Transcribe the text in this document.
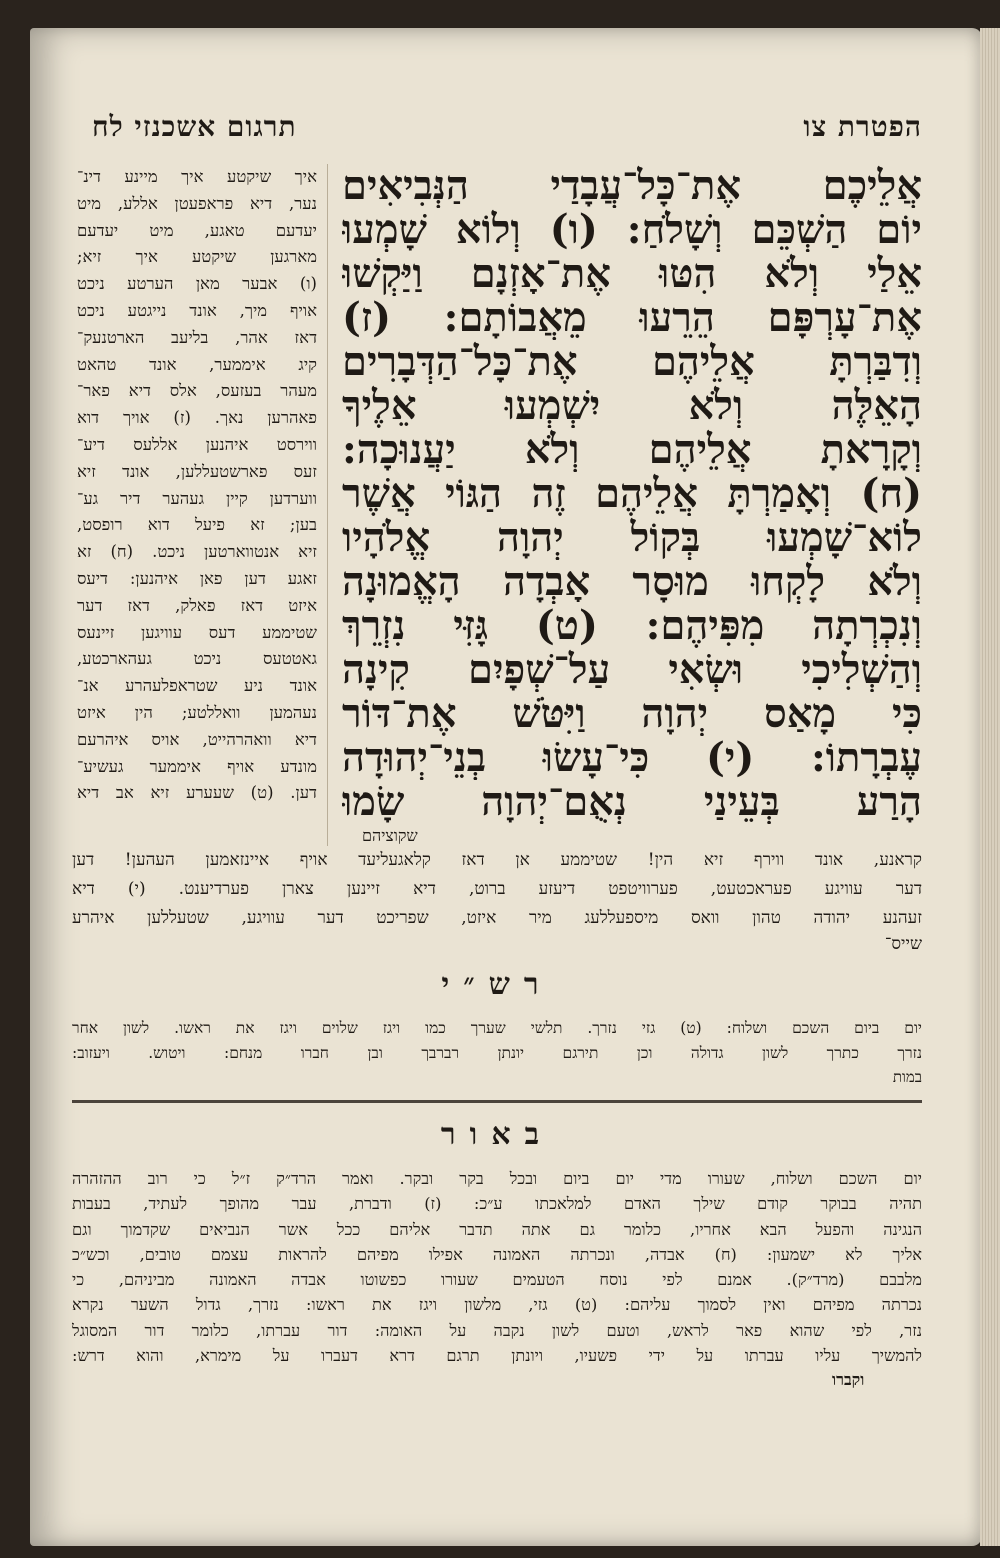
הפטרת צו
תרגום אשכנזי לח
אֲלֵיכֶם אֶת־כָּל־עֲבָדַי הַנְּבִיאִים
יוֹם הַשְׁכֵּם וְשָׁלֹחַ: (ו) וְלוֹא שָׁמְעוּ
אֵלַי וְלֹא הִטּוּ אֶת־אָזְנָם וַיַּקְשׁוּ
אֶת־עָרְפָּם הֵרֵעוּ מֵאֲבוֹתָם: (ז)
וְדִבַּרְתָּ אֲלֵיהֶם אֶת־כָּל־הַדְּבָרִים
הָאֵלֶּה וְלֹא יִשְׁמְעוּ אֵלֶיךָ
וְקָרָאתָ אֲלֵיהֶם וְלֹא יַעֲנוּכָה:
(ח) וְאָמַרְתָּ אֲלֵיהֶם זֶה הַגּוֹי אֲשֶׁר
לוֹא־שָׁמְעוּ בְּקוֹל יְהוָה אֱלֹהָיו
וְלֹא לָקְחוּ מוּסָר אָבְדָה הָאֱמוּנָה
וְנִכְרְתָה מִפִּיהֶם: (ט) גָּזִּי נִזְרֵךְ
וְהַשְׁלִיכִי וּשְׂאִי עַל־שְׁפָיִם קִינָה
כִּי מָאַס יְהוָה וַיִּטֹּשׁ אֶת־דּוֹר
עֶבְרָתוֹ: (י) כִּי־עָשׂוּ בְנֵי־יְהוּדָה
הָרַע בְּעֵינַי נְאֻם־יְהוָה שָׂמוּ
שקוציהם
איך שיקטע איך מיינע דינ־
נער, דיא פראפעטן אללע, מיט
יעדעם טאגע, מיט יעדעם
מארגען שיקטע איך זיא;
(ו) אבער מאן הערטע ניכט
אויף מיך, אונד נייגטע ניכט
דאז אהר, בליעב הארטנעק־
קיג איממער, אונד טהאט
מעהר בעזעס, אלס דיא פאר־
פאהרען נאך. (ז) אויך דוא
ווירסט איהנען אללעס דיע־
זעס פארשטעללען, אונד זיא
ווערדען קיין געהער דיר גע־
בען; זא פיעל דוא רופסט,
זיא אנטווארטען ניכט. (ח) זא
זאגע דען פאן איהנען: דיעס
איזט דאז פאלק, דאז דער
שטיממע דעס עוויגען זיינעס
גאטטעס ניכט געהארכטע,
אונד ניע שטראפלעהרע אנ־
נעהמען וואללטע; הין איזט
דיא וואהרהייט, אויס איהרעם
מונדע אויף איממער געשיע־
דען. (ט) שעערע זיא אב דיא
קראנע, אונד ווירף זיא הין! שטיממע אן דאז קלאגעליעד אויף איינזאמען העהען! דען
דער עוויגע פעראכטעט, פערוויטפט דיעזע ברוט, דיא זיינען צארן פערדיענט. (י) דיא
זעהנע יהודה טהון וואס מיספעללעג מיר איזט, שפריכט דער עוויגע, שטעללען איהרע
שייס־
רש״י
יום ביום השכם ושלוח: (ט) גזי נזרך. תלשי שערך כמו ויגז שלוים ויגז את ראשו. לשון אחר
נזרך כתרך לשון גדולה וכן תירגם יונתן רברבך ובן חברו מנחם: ויטוש. ויעזוב:
במות
באור
יום השכם ושלוח, שעורו מדי יום ביום ובכל בקר ובקר. ואמר הרד״ק ז״ל כי רוב ההזהרה
תהיה בבוקר קודם שילך האדם למלאכתו ע״כ: (ז) ודברת, עבר מהופך לעתיד, בעבות
הנגינה והפעל הבא אחריו, כלומר גם אתה תדבר אליהם ככל אשר הנביאים שקדמוך וגם
אליך לא ישמעון: (ח) אבדה, ונכרתה האמונה אפילו מפיהם להראות עצמם טובים, וכש״כ
מלבבם (מרד״ק). אמנם לפי נוסח הטעמים שעורו כפשוטו אבדה האמונה מביניהם, כי
נכרתה מפיהם ואין לסמוך עליהם: (ט) גזי, מלשון ויגז את ראשו: נזרך, גדול השער נקרא
נזר, לפי שהוא פאר לראש, וטעם לשון נקבה על האומה: דור עברתו, כלומר דור המסוגל
להמשיך עליו עברתו על ידי פשעיו, ויונתן תרגם דרא דעברו על מימרא, והוא דרש:
וקברו
